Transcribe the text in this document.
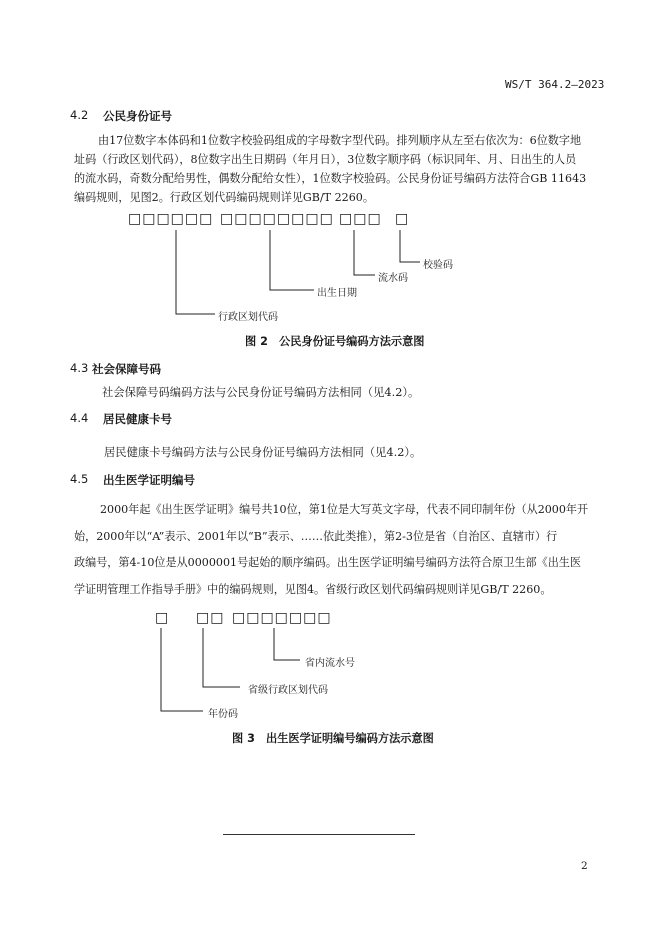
WS/T 364.2—2023
4.2 公民身份证号
由17位数字本体码和1位数字校验码组成的字母数字型代码。排列顺序从左至右依次为：6位数字地
址码（行政区划代码），8位数字出生日期码（年月日），3位数字顺序码（标识同年、月、日出生的人员
的流水码，奇数分配给男性，偶数分配给女性），1位数字校验码。公民身份证号编码方法符合GB 11643
编码规则，见图2。行政区划代码编码规则详见GB/T 2260。
□□□□□□ □□□□□□□□ □□□ □
校验码
流水码
出生日期
行政区划代码
图 2　公民身份证号编码方法示意图
4.3 社会保障号码
社会保障号码编码方法与公民身份证号编码方法相同（见4.2）。
4.4 居民健康卡号
居民健康卡号编码方法与公民身份证号编码方法相同（见4.2）。
4.5 出生医学证明编号
2000年起《出生医学证明》编号共10位，第1位是大写英文字母，代表不同印制年份（从2000年开
始，2000年以“A”表示、2001年以“B”表示、……依此类推），第2-3位是省（自治区、直辖市）行
政编号，第4-10位是从0000001号起始的顺序编码。出生医学证明编号编码方法符合原卫生部《出生医
学证明管理工作指导手册》中的编码规则，见图4。省级行政区划代码编码规则详见GB/T 2260。
□ □□ □□□□□□□
省内流水号
省级行政区划代码
年份码
图 3　出生医学证明编号编码方法示意图
2
